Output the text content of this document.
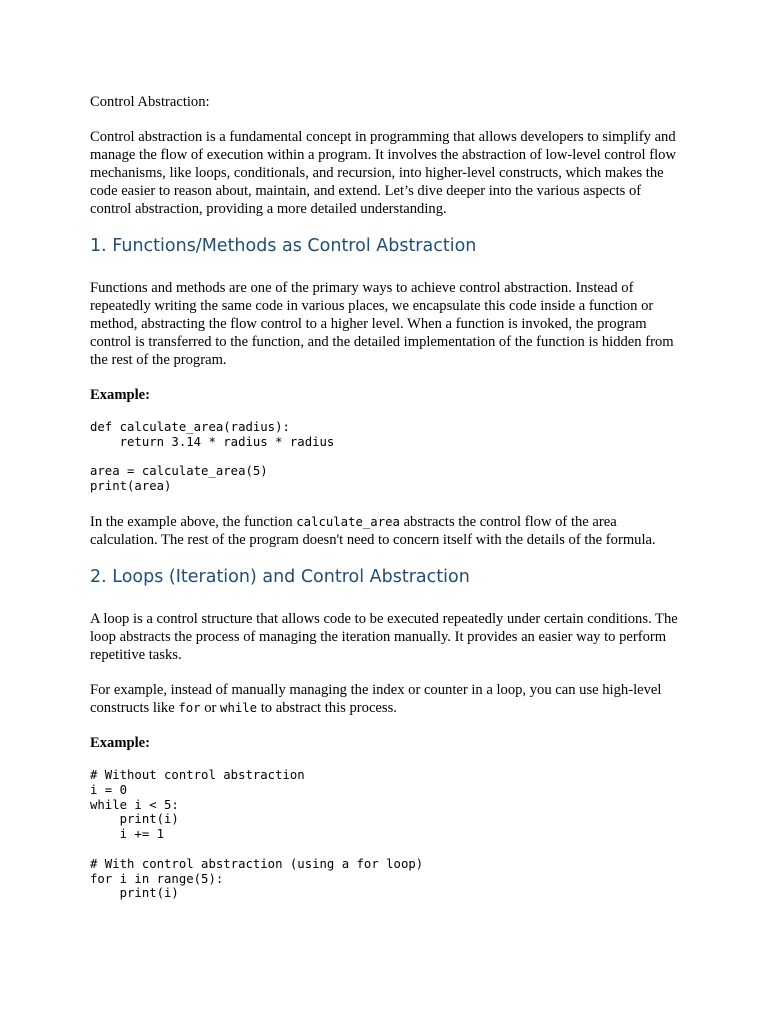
Control Abstraction:

Control abstraction is a fundamental concept in programming that allows developers to simplify and manage the flow of execution within a program. It involves the abstraction of low-level control flow mechanisms, like loops, conditionals, and recursion, into higher-level constructs, which makes the code easier to reason about, maintain, and extend. Let’s dive deeper into the various aspects of control abstraction, providing a more detailed understanding.

1. Functions/Methods as Control Abstraction

Functions and methods are one of the primary ways to achieve control abstraction. Instead of repeatedly writing the same code in various places, we encapsulate this code inside a function or method, abstracting the flow control to a higher level. When a function is invoked, the program control is transferred to the function, and the detailed implementation of the function is hidden from the rest of the program.

Example:

def calculate_area(radius):
return 3.14 * radius * radius

area = calculate_area(5)
print(area)

In the example above, the function calculate_area abstracts the control flow of the area calculation. The rest of the program doesn't need to concern itself with the details of the formula.

2. Loops (Iteration) and Control Abstraction

A loop is a control structure that allows code to be executed repeatedly under certain conditions. The loop abstracts the process of managing the iteration manually. It provides an easier way to perform repetitive tasks.

For example, instead of manually managing the index or counter in a loop, you can use high-level constructs like for or while to abstract this process.

Example:

# Without control abstraction
i = 0
while i < 5:
print(i)
i += 1

# With control abstraction (using a for loop)
for i in range(5):
print(i)
